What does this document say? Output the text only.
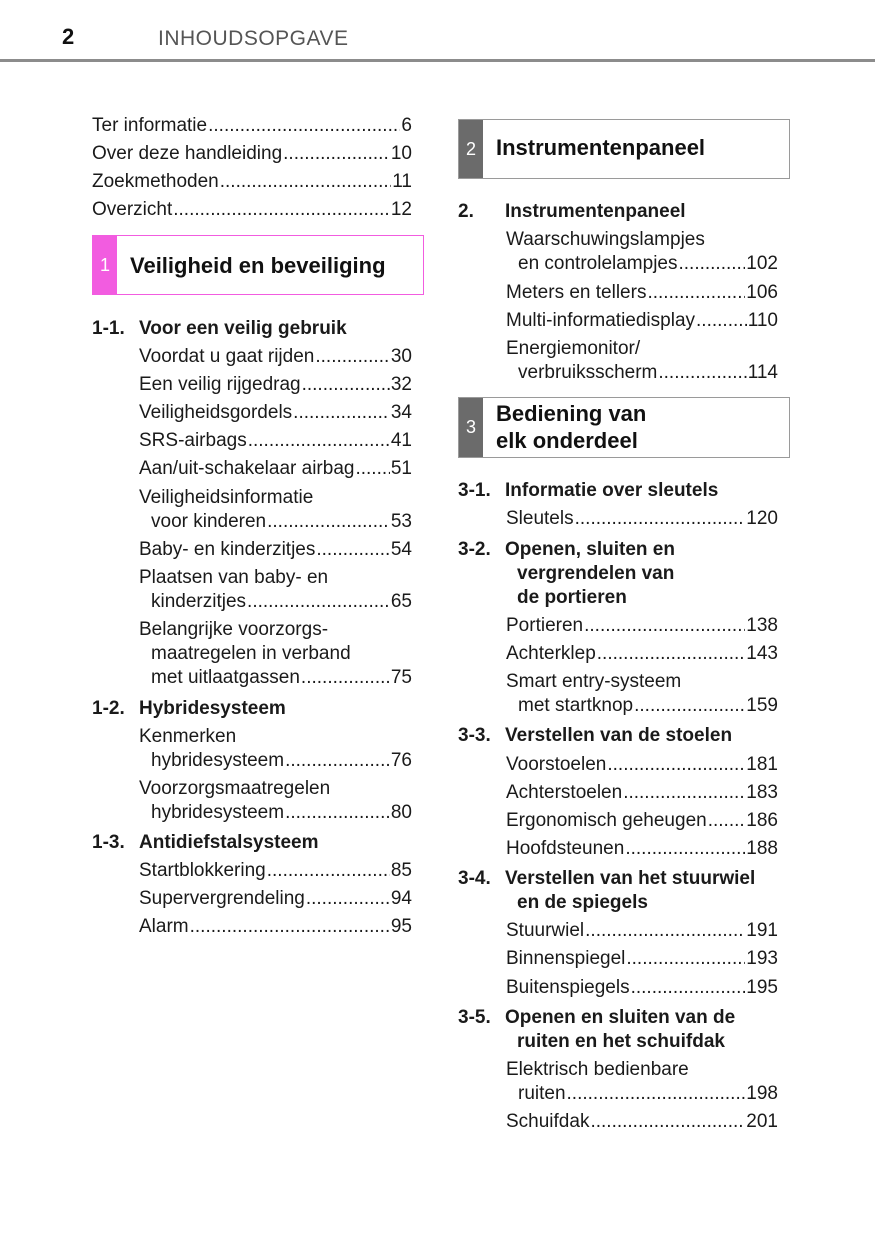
2	INHOUDSOPGAVE
Ter informatie .....	6
Over deze handleiding .....	10
Zoekmethoden .....	11
Overzicht .....	12
1 Veiligheid en beveiliging
1-1. Voor een veilig gebruik
Voordat u gaat rijden .....	30
Een veilig rijgedrag .....	32
Veiligheidsgordels .....	34
SRS-airbags .....	41
Aan/uit-schakelaar airbag ..... 51
Veiligheidsinformatie
voor kinderen .....	53
Baby- en kinderzitjes .....	54
Plaatsen van baby- en
kinderzitjes .....	65
Belangrijke voorzorgs-
maatregelen in verband
met uitlaatgassen .....	75
1-2. Hybridesysteem
Kenmerken
hybridesysteem .....	76
Voorzorgsmaatregelen
hybridesysteem .....	80
1-3. Antidiefstalsysteem
Startblokkering .....	85
Supervergrendeling .....	94
Alarm .....	95
2 Instrumentenpaneel
2. Instrumentenpaneel
Waarschuwingslampjes
en controlelampjes .....	102
Meters en tellers .....	106
Multi-informatiedisplay .....	110
Energiemonitor/
verbruiksscherm .....	114
3
Bediening van
elk onderdeel
3-1. Informatie over sleutels
Sleutels .....	120
3-2. Openen, sluiten en
vergrendelen van
de portieren
Portieren .....	138
Achterklep .....	143
Smart entry-systeem
met startknop .....	159
3-3. Verstellen van de stoelen
Voorstoelen .....	181
Achterstoelen .....	183
Ergonomisch geheugen ..... 186
Hoofdsteunen .....	188
3-4. Verstellen van het stuurwiel
en de spiegels
Stuurwiel .....	191
Binnenspiegel .....	193
Buitenspiegels .....	195
3-5. Openen en sluiten van de
ruiten en het schuifdak
Elektrisch bedienbare
ruiten .....	198
Schuifdak .....	201
